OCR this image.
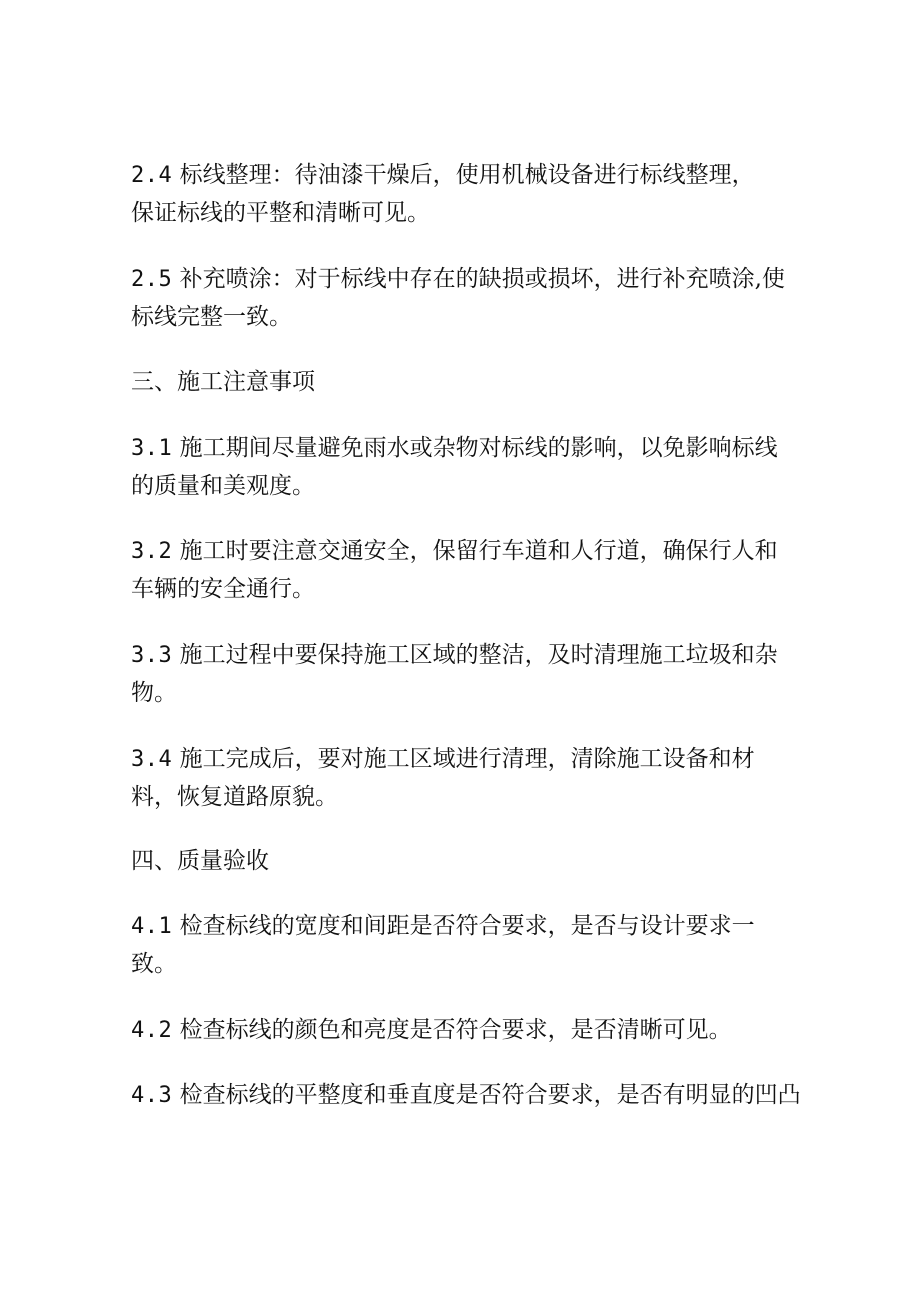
2.4 标线整理：待油漆干燥后，使用机械设备进行标线整理，
保证标线的平整和清晰可见。

2.5 补充喷涂：对于标线中存在的缺损或损坏，进行补充喷涂,使
标线完整一致。

三、施工注意事项

3.1 施工期间尽量避免雨水或杂物对标线的影响，以免影响标线
的质量和美观度。

3.2 施工时要注意交通安全，保留行车道和人行道，确保行人和
车辆的安全通行。

3.3 施工过程中要保持施工区域的整洁，及时清理施工垃圾和杂
物。

3.4 施工完成后，要对施工区域进行清理，清除施工设备和材
料，恢复道路原貌。

四、质量验收

4.1 检查标线的宽度和间距是否符合要求，是否与设计要求一
致。

4.2 检查标线的颜色和亮度是否符合要求，是否清晰可见。

4.3 检查标线的平整度和垂直度是否符合要求，是否有明显的凹凸
